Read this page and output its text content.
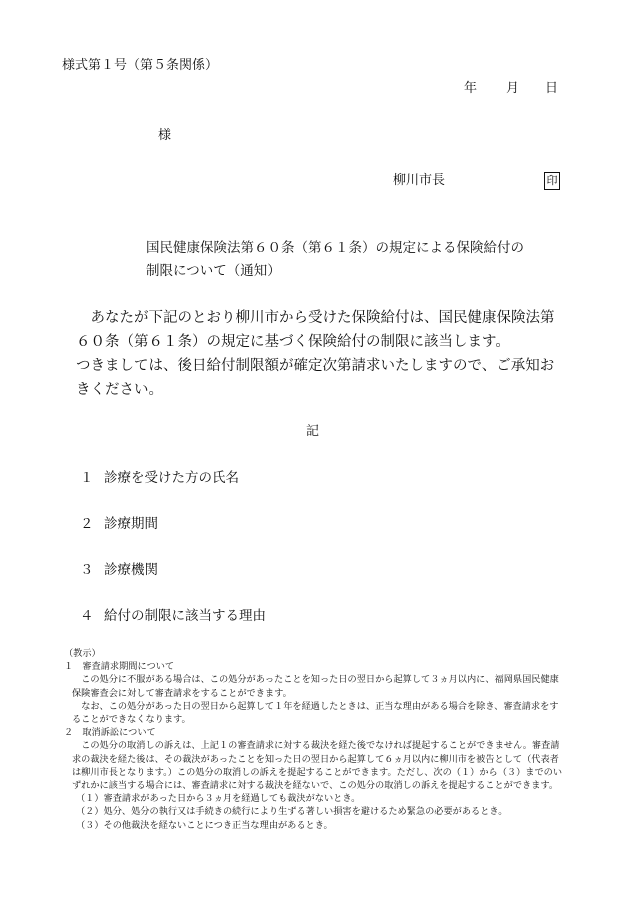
様式第１号（第５条関係）
年 月 日
様
柳川市長	印
国民健康保険法第６０条（第６１条）の規定による保険給付の
制限について（通知）

あなたが下記のとおり柳川市から受けた保険給付は、国民健康保険法第６０条（第６１条）の規定に基づく保険給付の制限に該当します。

つきましては、後日給付制限額が確定次第請求いたしますので、ご承知おきください。

記
１ 診療を受けた方の氏名
２ 診療期間
３ 診療機関
４ 給付の制限に該当する理由
（教示）
１　審査請求期間について
この処分に不服がある場合は、この処分があったことを知った日の翌日から起算して３ヵ月以内に、福岡県国民健康保険審査会に対して審査請求をすることができます。
なお、この処分があった日の翌日から起算して１年を経過したときは、正当な理由がある場合を除き、審査請求をすることができなくなります。
２　取消訴訟について
この処分の取消しの訴えは、上記１の審査請求に対する裁決を経た後でなければ提起することができません。審査請求の裁決を経た後は、その裁決があったことを知った日の翌日から起算して６ヵ月以内に柳川市を被告として（代表者は柳川市長となります。）この処分の取消しの訴えを提起することができます。ただし、次の（１）から（３）までのいずれかに該当する場合には、審査請求に対する裁決を経ないで、この処分の取消しの訴えを提起することができます。
（１）審査請求があった日から３ヵ月を経過しても裁決がないとき。
（２）処分、処分の執行又は手続きの続行により生ずる著しい損害を避けるため緊急の必要があるとき。
（３）その他裁決を経ないことにつき正当な理由があるとき。
